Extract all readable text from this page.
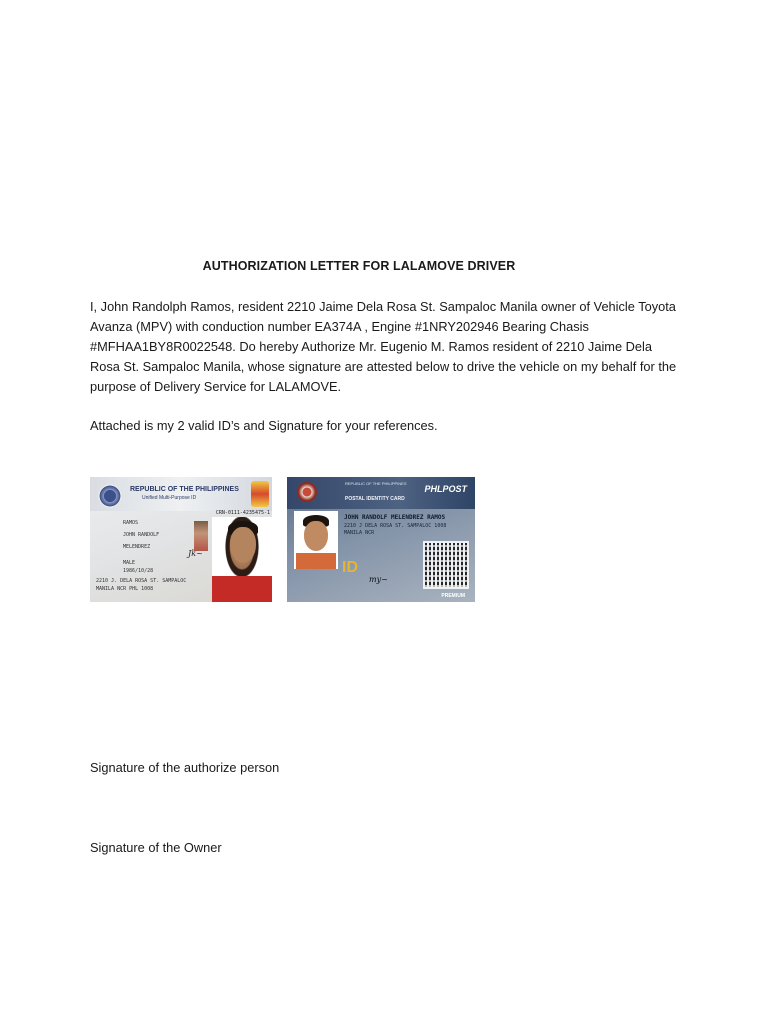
AUTHORIZATION LETTER FOR LALAMOVE DRIVER

I, John Randolph Ramos, resident 2210 Jaime Dela Rosa St. Sampaloc Manila owner of Vehicle Toyota Avanza (MPV) with conduction number EA374A , Engine #1NRY202946 Bearing Chasis #MFHAA1BY8R0022548. Do hereby Authorize Mr. Eugenio M. Ramos resident of 2210 Jaime Dela Rosa St. Sampaloc Manila, whose signature are attested below to drive the vehicle on my behalf for the purpose of Delivery Service for LALAMOVE.

Attached is my 2 valid ID’s and Signature for your references.

REPUBLIC OF THE PHILIPPINES
Unified Multi-Purpose ID
CRN-0111-4235475-1
RAMOS
JOHN RANDOLF
MELENDREZ
MALE
1986/10/28
2210 J. DELA ROSA ST. SAMPALOC
MANILA NCR PHL 1008
Jk~
REPUBLIC OF THE PHILIPPINES
POSTAL IDENTITY CARD
PHLPOST
JOHN RANDOLF MELENDREZ RAMOS
2210 J DELA ROSA ST. SAMPALOC 1008
MANILA NCR
ID
my~
PREMIUM
Signature of the authorize person
Signature of the Owner
